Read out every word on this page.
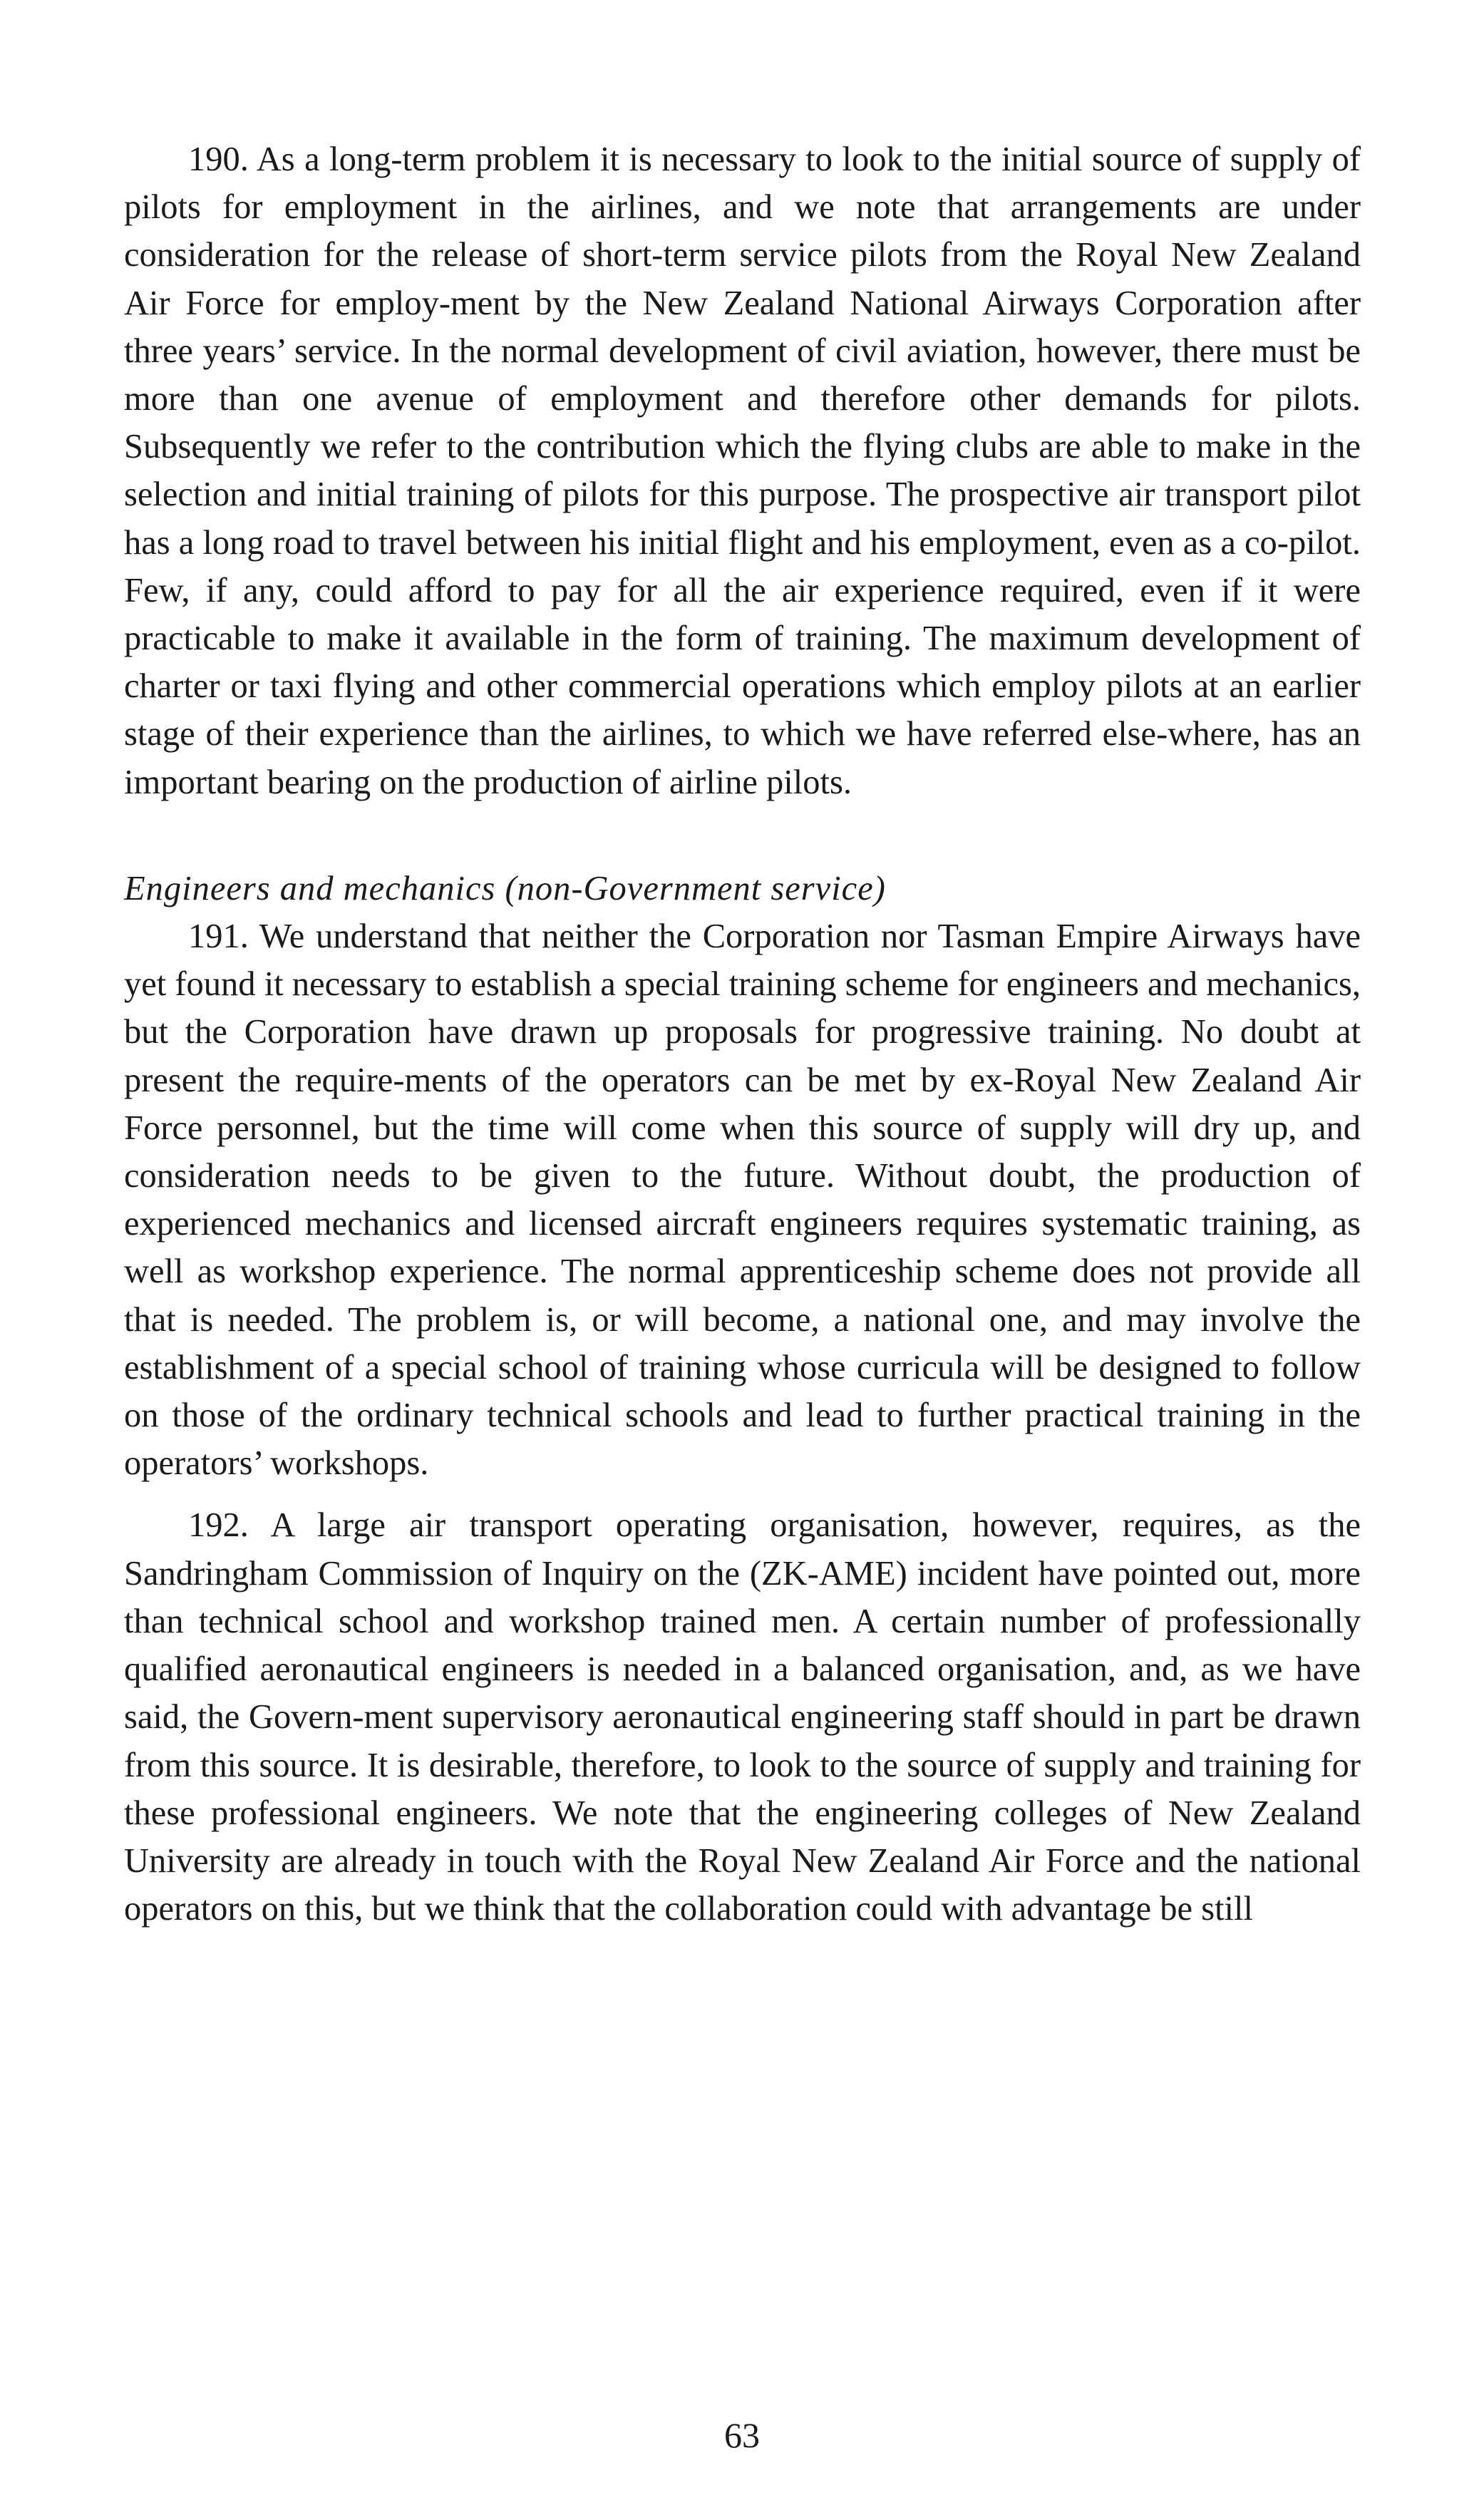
190. As a long-term problem it is necessary to look to the initial source of supply of pilots for employment in the airlines, and we note that arrangements are under consideration for the release of short-term service pilots from the Royal New Zealand Air Force for employ-ment by the New Zealand National Airways Corporation after three years’ service. In the normal development of civil aviation, however, there must be more than one avenue of employment and therefore other demands for pilots. Subsequently we refer to the contribution which the flying clubs are able to make in the selection and initial training of pilots for this purpose. The prospective air transport pilot has a long road to travel between his initial flight and his employment, even as a co-pilot. Few, if any, could afford to pay for all the air experience required, even if it were practicable to make it available in the form of training. The maximum development of charter or taxi flying and other commercial operations which employ pilots at an earlier stage of their experience than the airlines, to which we have referred else-where, has an important bearing on the production of airline pilots.

Engineers and mechanics (non-Government service)

191. We understand that neither the Corporation nor Tasman Empire Airways have yet found it necessary to establish a special training scheme for engineers and mechanics, but the Corporation have drawn up proposals for progressive training. No doubt at present the require-ments of the operators can be met by ex-Royal New Zealand Air Force personnel, but the time will come when this source of supply will dry up, and consideration needs to be given to the future. Without doubt, the production of experienced mechanics and licensed aircraft engineers requires systematic training, as well as workshop experience. The normal apprenticeship scheme does not provide all that is needed. The problem is, or will become, a national one, and may involve the establishment of a special school of training whose curricula will be designed to follow on those of the ordinary technical schools and lead to further practical training in the operators’ workshops.

192. A large air transport operating organisation, however, requires, as the Sandringham Commission of Inquiry on the (ZK-AME) incident have pointed out, more than technical school and workshop trained men. A certain number of professionally qualified aeronautical engineers is needed in a balanced organisation, and, as we have said, the Govern-ment supervisory aeronautical engineering staff should in part be drawn from this source. It is desirable, therefore, to look to the source of supply and training for these professional engineers. We note that the engineering colleges of New Zealand University are already in touch with the Royal New Zealand Air Force and the national operators on this, but we think that the collaboration could with advantage be still

63
